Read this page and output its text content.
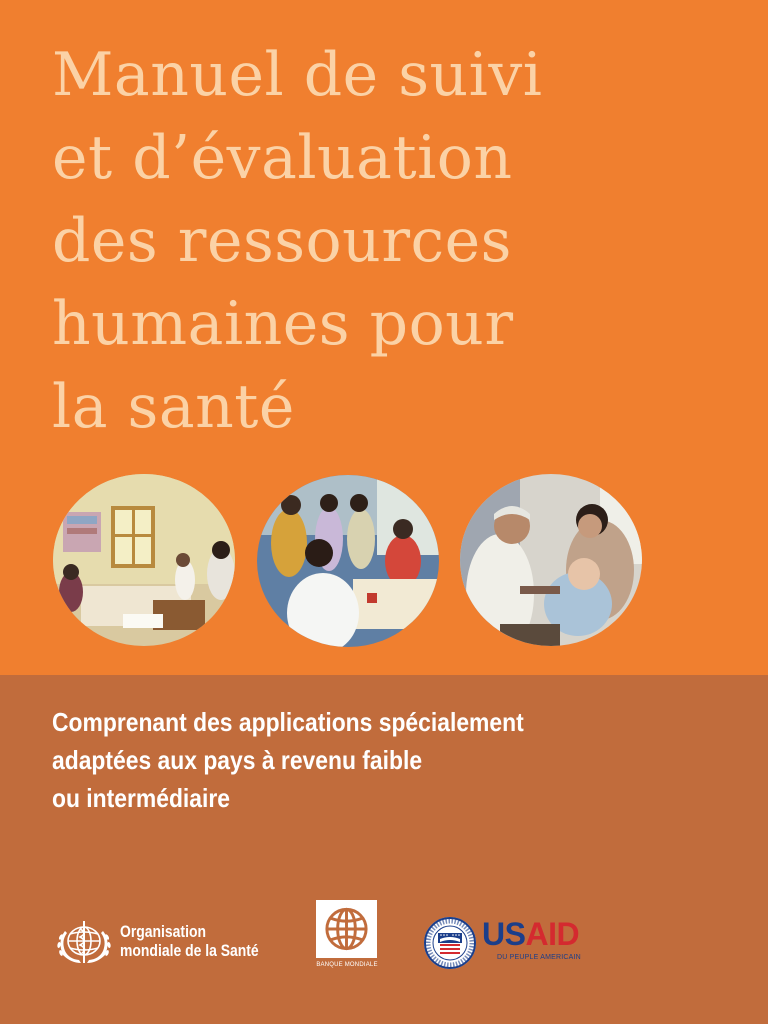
Manuel de suivi
et d’évaluation
des ressources
humaines pour
la santé
Comprenant des applications spécialement
adaptées aux pays à revenu faible
ou intermédiaire
Organisation
mondiale de la Santé
BANQUE MONDIALE
USAID
DU PEUPLE AMERICAIN
